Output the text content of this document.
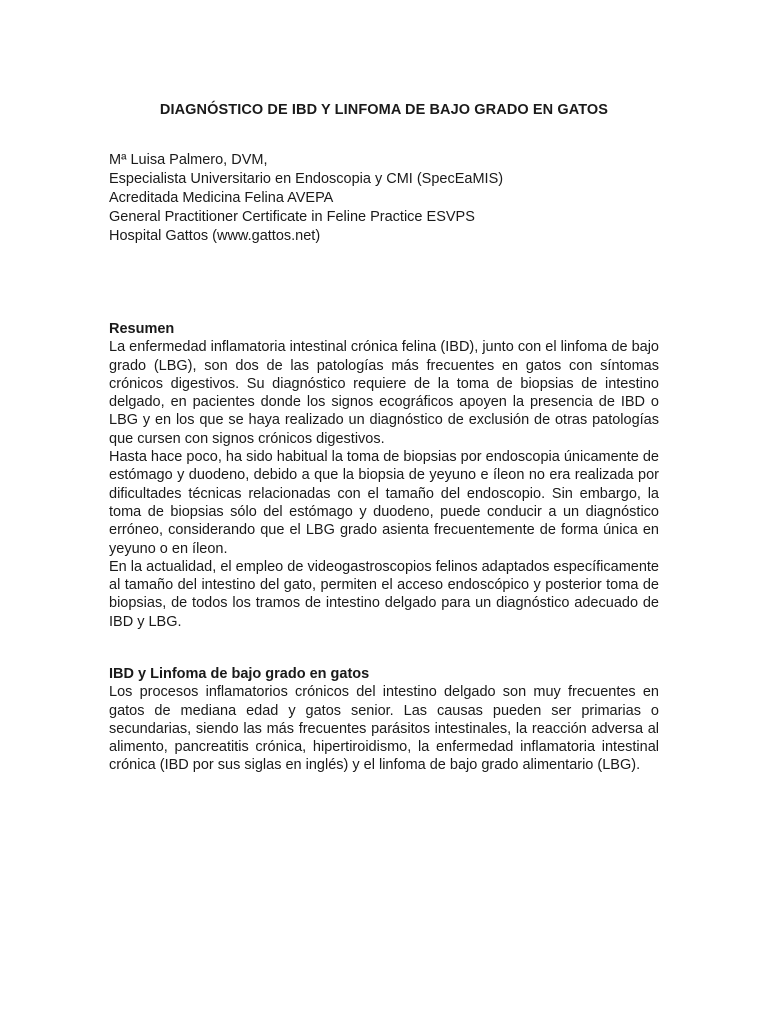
DIAGNÓSTICO DE IBD Y LINFOMA DE BAJO GRADO EN GATOS
Mª Luisa Palmero, DVM,
Especialista Universitario en Endoscopia y CMI (SpecEaMIS)
Acreditada Medicina Felina AVEPA
General Practitioner Certificate in Feline Practice ESVPS
Hospital Gattos (www.gattos.net)
Resumen

La enfermedad inflamatoria intestinal crónica felina (IBD), junto con el linfoma de bajo grado (LBG), son dos de las patologías más frecuentes en gatos con síntomas crónicos digestivos. Su diagnóstico requiere de la toma de biopsias de intestino delgado, en pacientes donde los signos ecográficos apoyen la presencia de IBD o LBG y en los que se haya realizado un diagnóstico de exclusión de otras patologías que cursen con signos crónicos digestivos.

Hasta hace poco, ha sido habitual la toma de biopsias por endoscopia únicamente de estómago y duodeno, debido a que la biopsia de yeyuno e íleon no era realizada por dificultades técnicas relacionadas con el tamaño del endoscopio. Sin embargo, la toma de biopsias sólo del estómago y duodeno, puede conducir a un diagnóstico erróneo, considerando que el LBG grado asienta frecuentemente de forma única en yeyuno o en íleon.

En la actualidad, el empleo de videogastroscopios felinos adaptados específicamente al tamaño del intestino del gato, permiten el acceso endoscópico y posterior toma de biopsias, de todos los tramos de intestino delgado para un diagnóstico adecuado de IBD y LBG.

IBD y Linfoma de bajo grado en gatos

Los procesos inflamatorios crónicos del intestino delgado son muy frecuentes en gatos de mediana edad y gatos senior. Las causas pueden ser primarias o secundarias, siendo las más frecuentes parásitos intestinales, la reacción adversa al alimento, pancreatitis crónica, hipertiroidismo, la enfermedad inflamatoria intestinal crónica (IBD por sus siglas en inglés) y el linfoma de bajo grado alimentario (LBG).
